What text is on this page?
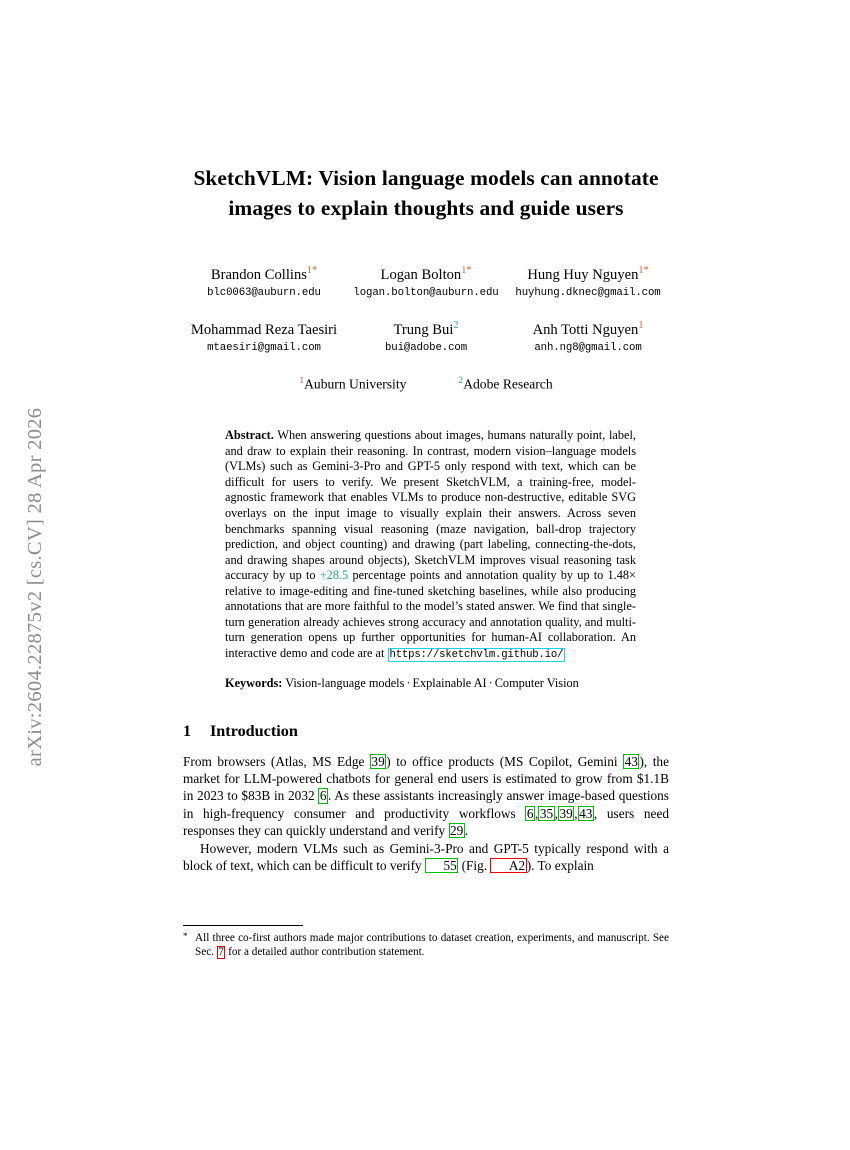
arXiv:2604.22875v2 [cs.CV] 28 Apr 2026
SketchVLM: Vision language models can annotate
images to explain thoughts and guide users
Brandon Collins$^{1*}$
blc0063@auburn.edu
Logan Bolton$^{1*}$
logan.bolton@auburn.edu
Hung Huy Nguyen$^{1*}$
huyhung.dknec@gmail.com
Mohammad Reza Taesiri
mtaesiri@gmail.com
Trung Bui$^2$
bui@adobe.com
Anh Totti Nguyen$^1$
anh.ng8@gmail.com
$^1$Auburn University	$^2$Adobe Research
Abstract. When answering questions about images, humans naturally point, label, and draw to explain their reasoning. In contrast, modern vision–language models (VLMs) such as Gemini-3-Pro and GPT-5 only respond with text, which can be difficult for users to verify. We present SketchVLM, a training-free, model-agnostic framework that enables VLMs to produce non-destructive, editable SVG overlays on the input image to visually explain their answers. Across seven benchmarks spanning visual reasoning (maze navigation, ball-drop trajectory prediction, and object counting) and drawing (part labeling, connecting-the-dots, and drawing shapes around objects), SketchVLM improves visual reasoning task accuracy by up to +28.5 percentage points and annotation quality by up to 1.48× relative to image-editing and fine-tuned sketching baselines, while also producing annotations that are more faithful to the model’s stated answer. We find that single-turn generation already achieves strong accuracy and annotation quality, and multi-turn generation opens up further opportunities for human-AI collaboration. An interactive demo and code are at https://sketchvlm.github.io/
Keywords: Vision-language models · Explainable AI · Computer Vision
1 Introduction
From browsers (Atlas, MS Edge 39 ) to office products (MS Copilot, Gemini 43 ), the market for LLM-powered chatbots for general end users is estimated to grow from $1.1B in 2023 to $83B in 2032 6 . As these assistants increasingly answer image-based questions in high-frequency consumer and productivity workflows 6 , 35 , 39 , 43 , users need responses they can quickly understand and verify 29 .
However, modern VLMs such as Gemini-3-Pro and GPT-5 typically respond with a block of text, which can be difficult to verify 55 (Fig. A2 ). To explain
* All three co-first authors made major contributions to dataset creation, experiments, and manuscript. See Sec. 7 for a detailed author contribution statement.
